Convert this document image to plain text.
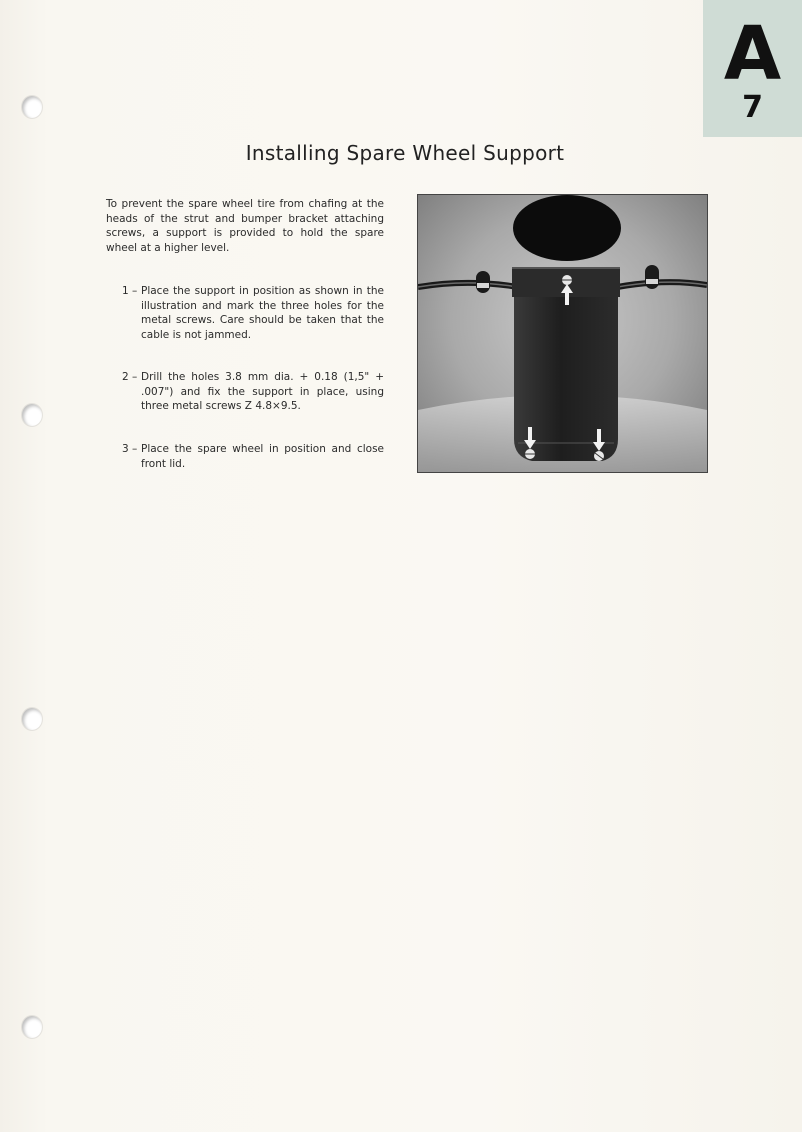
A
7
Installing Spare Wheel Support
To prevent the spare wheel tire from chafing at the heads of the strut and bumper bracket attaching screws, a support is provided to hold the spare wheel at a higher level.
1 – Place the support in position as shown in the illustration and mark the three holes for the metal screws. Care should be taken that the cable is not jammed.
2 – Drill the holes 3.8 mm dia. + 0.18 (1,5" + .007") and fix the support in place, using three metal screws Z 4.8×9.5.
3 – Place the spare wheel in position and close front lid.
